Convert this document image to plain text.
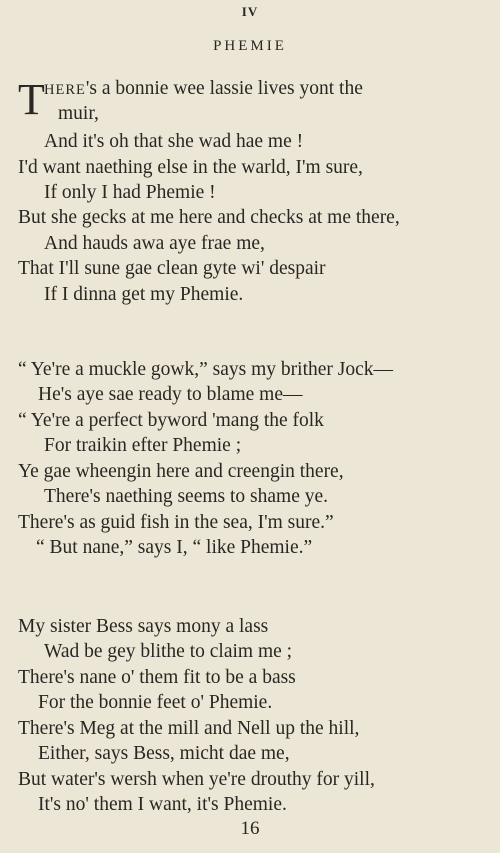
IV
PHEMIE
T HERE's a bonnie wee lassie lives yont the
muir,
And it's oh that she wad hae me !
I'd want naething else in the warld, I'm sure,
If only I had Phemie !
But she gecks at me here and checks at me there,
And hauds awa aye frae me,
That I'll sune gae clean gyte wi' despair
If I dinna get my Phemie.
“ Ye're a muckle gowk,” says my brither Jock—
He's aye sae ready to blame me—
“ Ye're a perfect byword 'mang the folk
For traikin efter Phemie ;
Ye gae wheengin here and creengin there,
There's naething seems to shame ye.
There's as guid fish in the sea, I'm sure.”
“ But nane,” says I, “ like Phemie.”
My sister Bess says mony a lass
Wad be gey blithe to claim me ;
There's nane o' them fit to be a bass
For the bonnie feet o' Phemie.
There's Meg at the mill and Nell up the hill,
Either, says Bess, micht dae me,
But water's wersh when ye're drouthy for yill,
It's no' them I want, it's Phemie.
16
